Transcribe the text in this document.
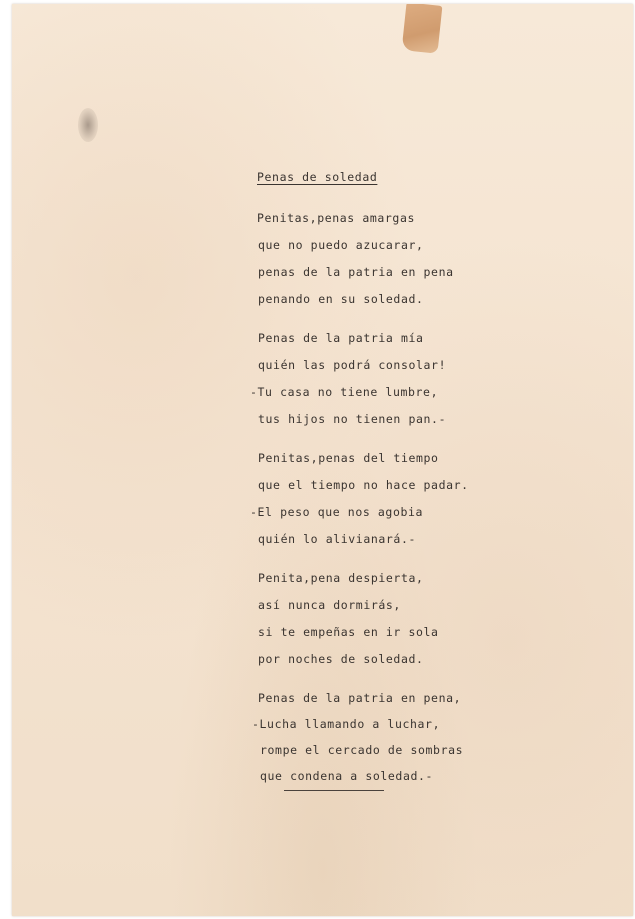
Penas de soledad
Penitas,penas amargas
que no puedo azucarar,
penas de la patria en pena
penando en su soledad.
Penas de la patria mía
quién las podrá consolar!
-Tu casa no tiene lumbre,
tus hijos no tienen pan.-
Penitas,penas del tiempo
que el tiempo no hace padar.
-El peso que nos agobia
quién lo alivianará.-
Penita,pena despierta,
así nunca dormirás,
si te empeñas en ir sola
por noches de soledad.
Penas de la patria en pena,
-Lucha llamando a luchar,
rompe el cercado de sombras
que condena a soledad.-
